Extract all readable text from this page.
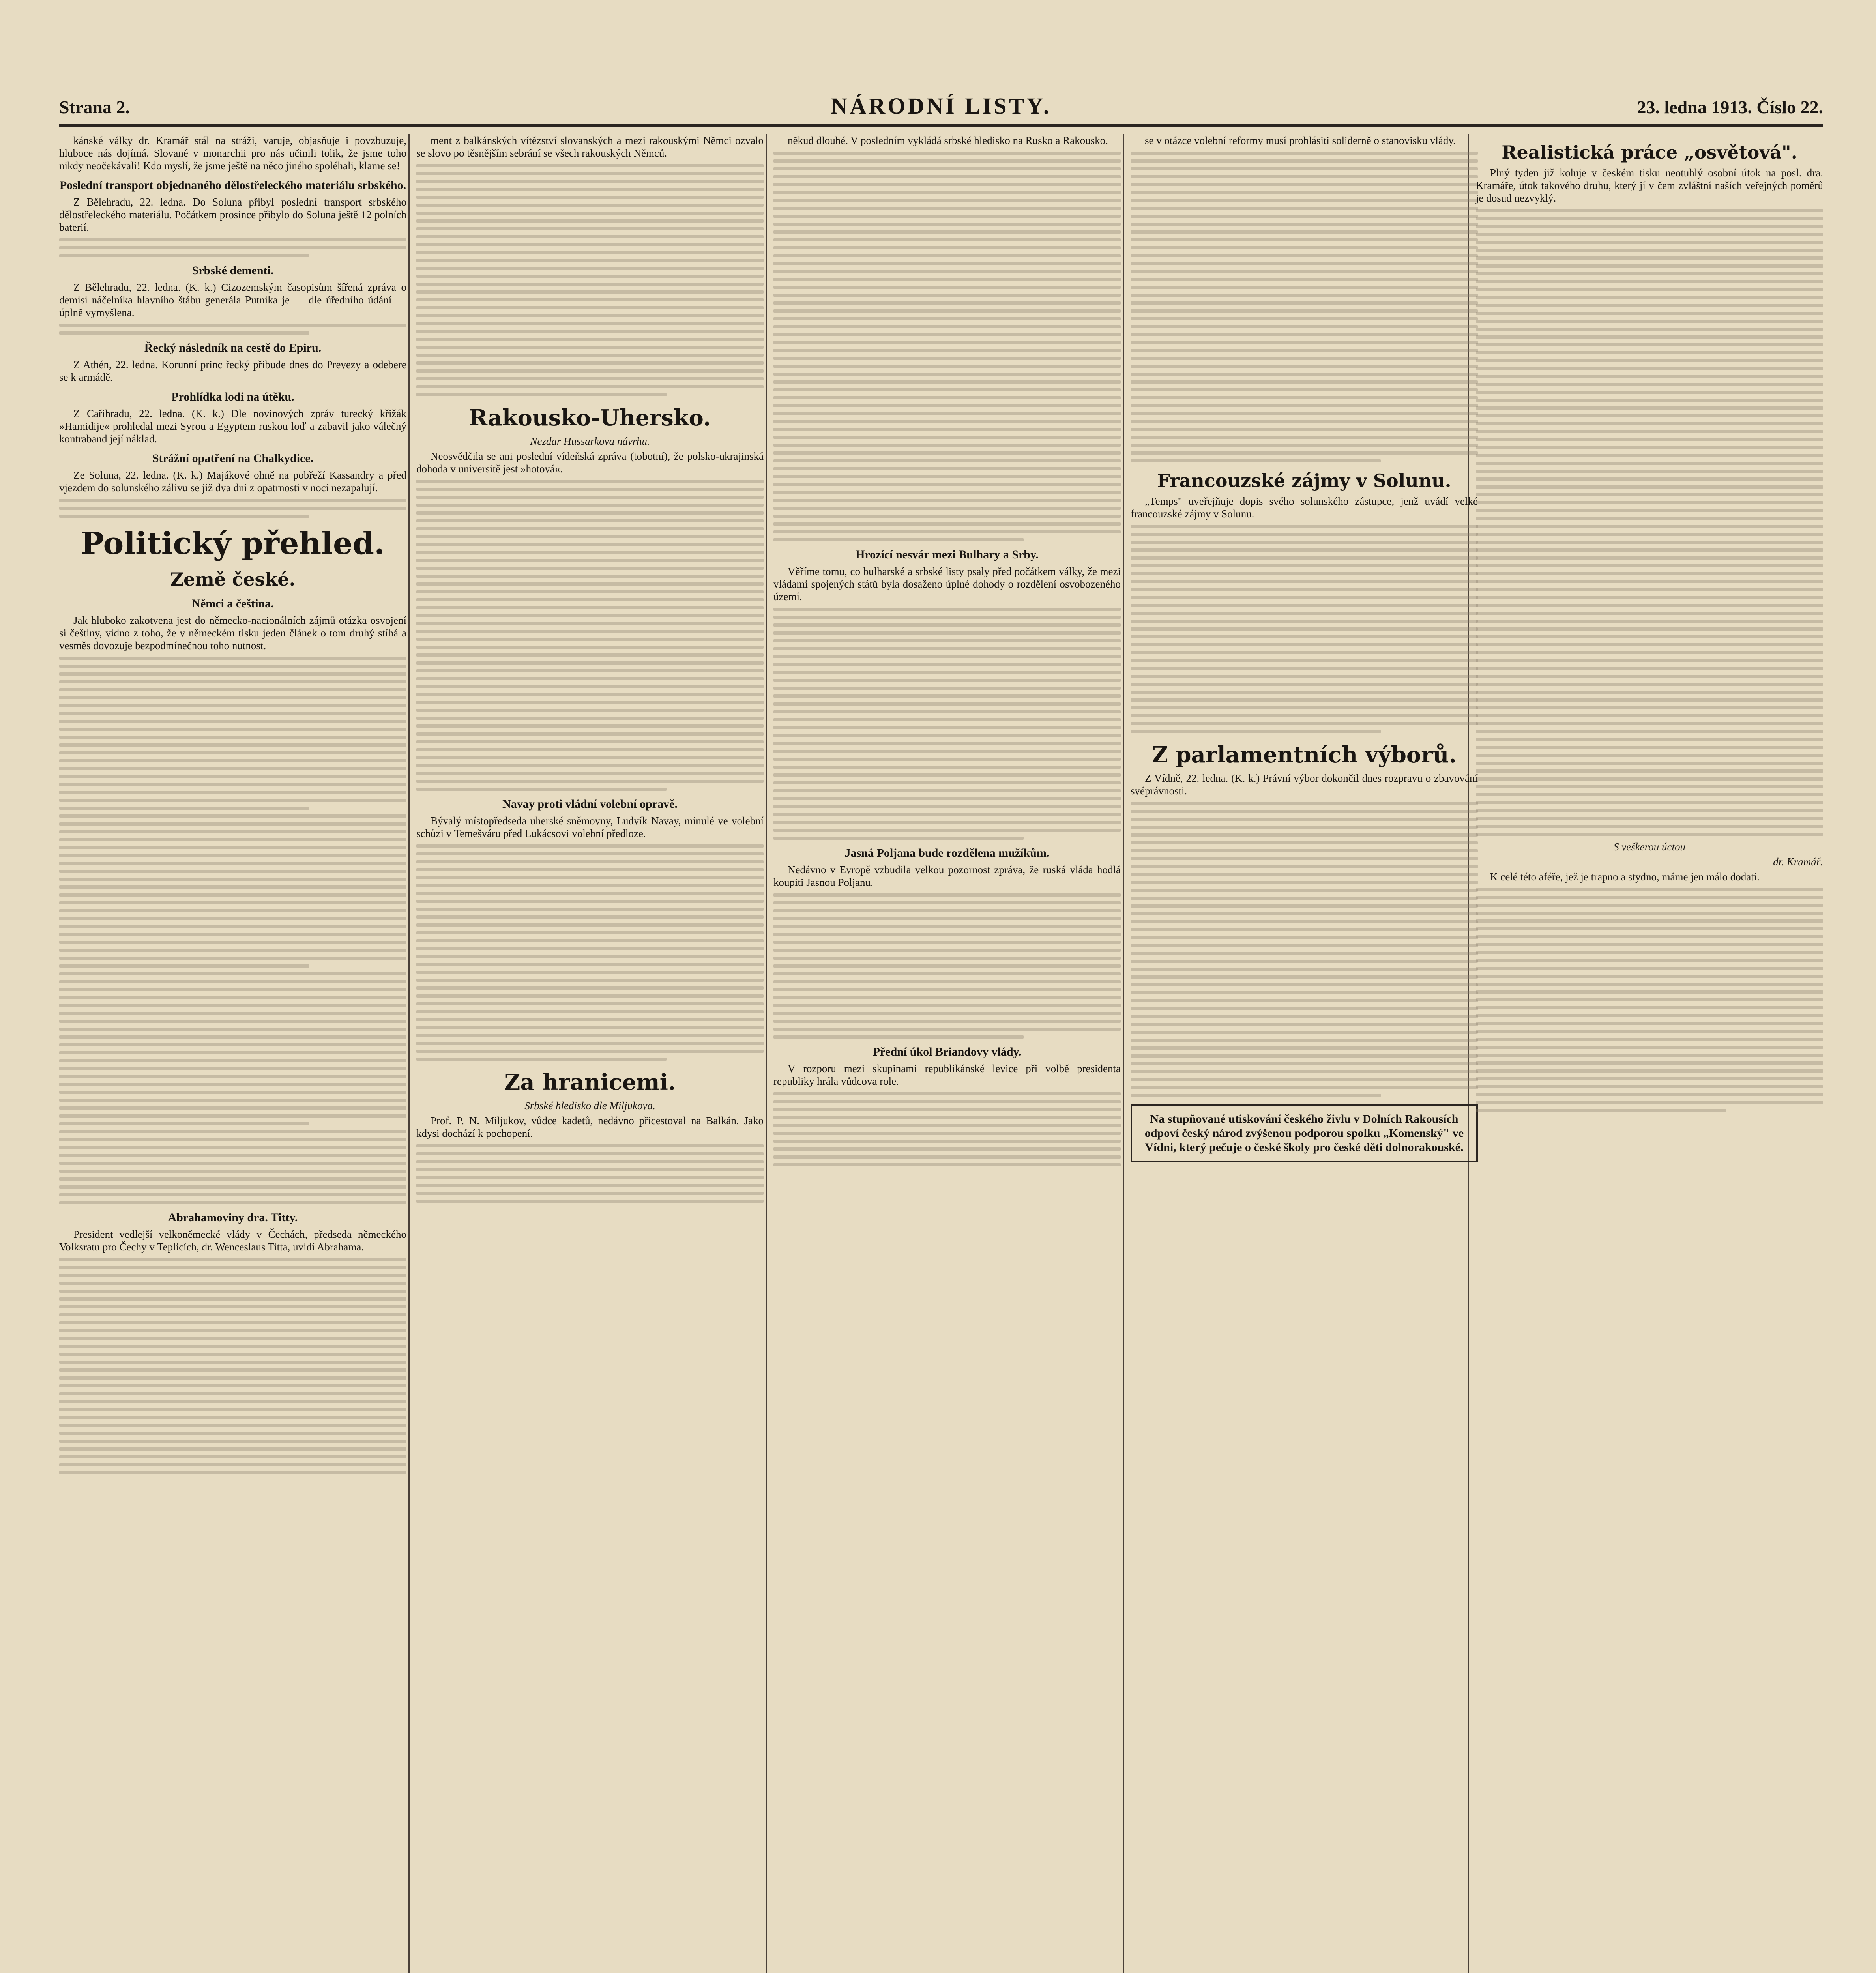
Strana 2.	NÁRODNÍ LISTY.	23. ledna 1913. Číslo 22.

kánské války dr. Kramář stál na stráži, varuje, objasňuje i povzbuzuje, hluboce nás dojímá. Slované v monarchii pro nás učinili tolik, že jsme toho nikdy neočekávali! Kdo myslí, že jsme ještě na něco jiného spoléhali, klame se!

Poslední transport objednaného dělostřeleckého materiálu srbského.

Z Bělehradu, 22. ledna. Do Soluna přibyl poslední transport srbského dělostřeleckého materiálu. Počátkem prosince přibylo do Soluna ještě 12 polních baterií.

Srbské dementi.

Z Bělehradu, 22. ledna. (K. k.) Cizozemským časopisům šířená zpráva o demisi náčelníka hlavního štábu generála Putnika je — dle úředního údání — úplně vymyšlena.

Řecký následník na cestě do Epiru.

Z Athén, 22. ledna. Korunní princ řecký přibude dnes do Prevezy a odebere se k armádě.

Prohlídka lodi na útěku.

Z Cařihradu, 22. ledna. (K. k.) Dle novinových zpráv turecký křižák »Hamidije« prohledal mezi Syrou a Egyptem ruskou loď a zabavil jako válečný kontraband její náklad.

Strážní opatření na Chalkydice.

Ze Soluna, 22. ledna. (K. k.) Majákové ohně na pobřeží Kassandry a před vjezdem do solunského zálivu se již dva dni z opatrnosti v noci nezapalují.

Politický přehled.
Země české.
Němci a čeština.

Jak hluboko zakotvena jest do německo-nacionálních zájmů otázka osvojení si češtiny, vidno z toho, že v německém tisku jeden článek o tom druhý stíhá a vesměs dovozuje bezpodmínečnou toho nutnost.

Abrahamoviny dra. Titty.

President vedlejší velkoněmecké vlády v Čechách, předseda německého Volksratu pro Čechy v Teplicích, dr. Wenceslaus Titta, uvidí Abrahama.

ment z balkánských vítězství slovanských a mezi rakouskými Němci ozvalo se slovo po těsnějším sebrání se všech rakouských Němců.

Rakousko-Uhersko.
Nezdar Hussarkova návrhu.

Neosvědčila se ani poslední vídeňská zpráva (tobotní), že polsko-ukrajinská dohoda v universitě jest »hotová«.

Navay proti vládní volební opravě.

Bývalý místopředseda uherské sněmovny, Ludvík Navay, minulé ve volební schůzi v Temešváru před Lukácsovi volební předloze.

Za hranicemi.
Srbské hledisko dle Miljukova.

Prof. P. N. Miljukov, vůdce kadetů, nedávno přicestoval na Balkán. Jako kdysi dochází k pochopení.

někud dlouhé. V posledním vykládá srbské hledisko na Rusko a Rakousko.

Hrozící nesvár mezi Bulhary a Srby.

Věříme tomu, co bulharské a srbské listy psaly před počátkem války, že mezi vládami spojených států byla dosaženo úplné dohody o rozdělení osvobozeného území.

Jasná Poljana bude rozdělena mužíkům.

Nedávno v Evropě vzbudila velkou pozornost zpráva, že ruská vláda hodlá koupiti Jasnou Poljanu.

Přední úkol Briandovy vlády.

V rozporu mezi skupinami republikánské levice při volbě presidenta republiky hrála vůdcova role.

se v otázce volební reformy musí prohlásiti soliderně o stanovisku vlády.

Francouzské zájmy v Solunu.

„Temps" uveřejňuje dopis svého solunského zástupce, jenž uvádí velké francouzské zájmy v Solunu.

Z parlamentních výborů.

Z Vídně, 22. ledna. (K. k.) Právní výbor dokončil dnes rozpravu o zbavování svéprávnosti.

Na stupňované utiskování českého živlu v Dolních Rakousích odpoví český národ zvýšenou podporou spolku „Komenský" ve Vídni, který pečuje o české školy pro české děti dolnorakouské.
Realistická práce „osvětová".

Plný tyden již koluje v českém tisku neotuhlý osobní útok na posl. dra. Kramáře, útok takového druhu, který jí v čem zvláštní naších veřejných poměrů je dosud nezvyklý.

S veškerou úctou
dr. Kramář.

K celé této aféře, jež je trapno a stydno, máme jen málo dodati.
